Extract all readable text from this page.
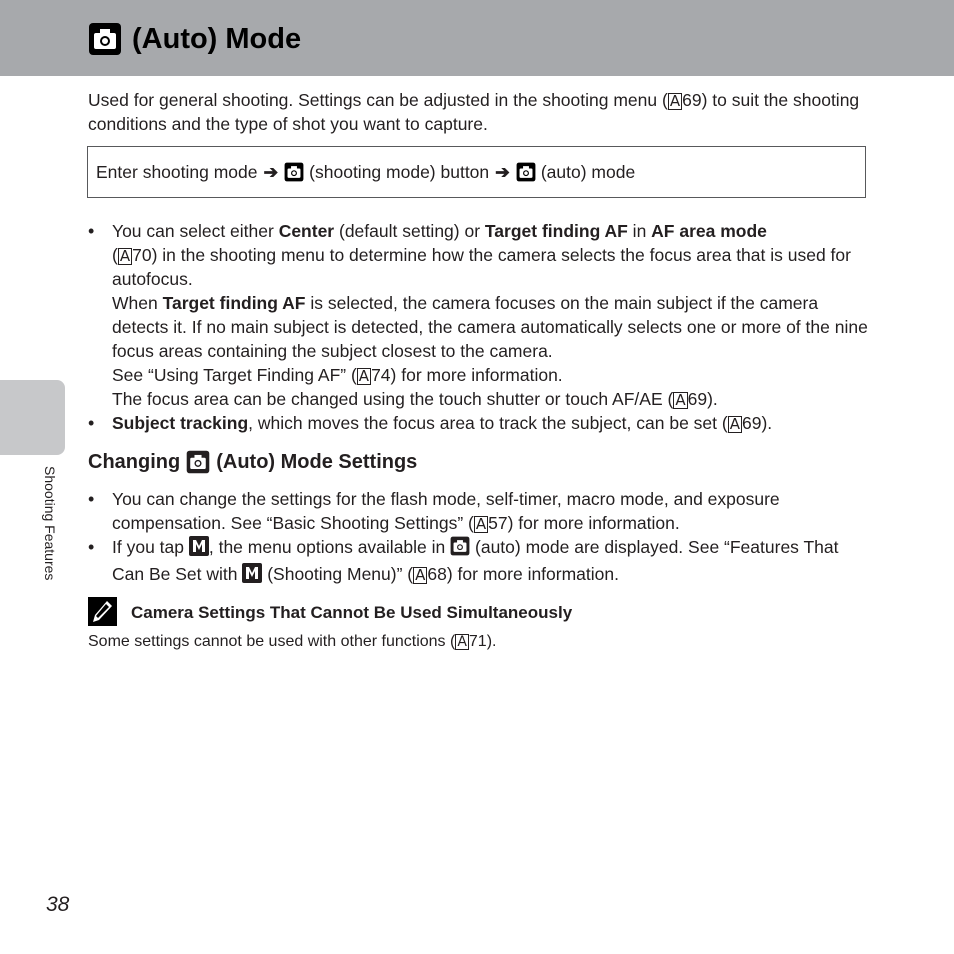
(Auto) Mode

Used for general shooting. Settings can be adjusted in the shooting menu ( A 69) to suit the shooting conditions and the type of shot you want to capture.

Enter shooting mode ➔ (shooting mode) button ➔ (auto) mode
• You can select either Center (default setting) or Target finding AF in AF area mode
( A 70) in the shooting menu to determine how the camera selects the focus area that is used for autofocus.
When Target finding AF is selected, the camera focuses on the main subject if the camera detects it. If no main subject is detected, the camera automatically selects one or more of the nine focus areas containing the subject closest to the camera.
See “Using Target Finding AF” ( A 74) for more information.
The focus area can be changed using the touch shutter or touch AF/AE ( A 69).
• Subject tracking, which moves the focus area to track the subject, can be set ( A 69).
Shooting Features
Changing (Auto) Mode Settings
• You can change the settings for the flash mode, self-timer, macro mode, and exposure compensation. See “Basic Shooting Settings” ( A 57) for more information.
• If you tap , the menu options available in
(auto) mode are displayed. See “Features That Can Be Set with  (Shooting Menu)” ( A 68) for more information.

Camera Settings That Cannot Be Used Simultaneously

Some settings cannot be used with other functions ( A 71).

38
